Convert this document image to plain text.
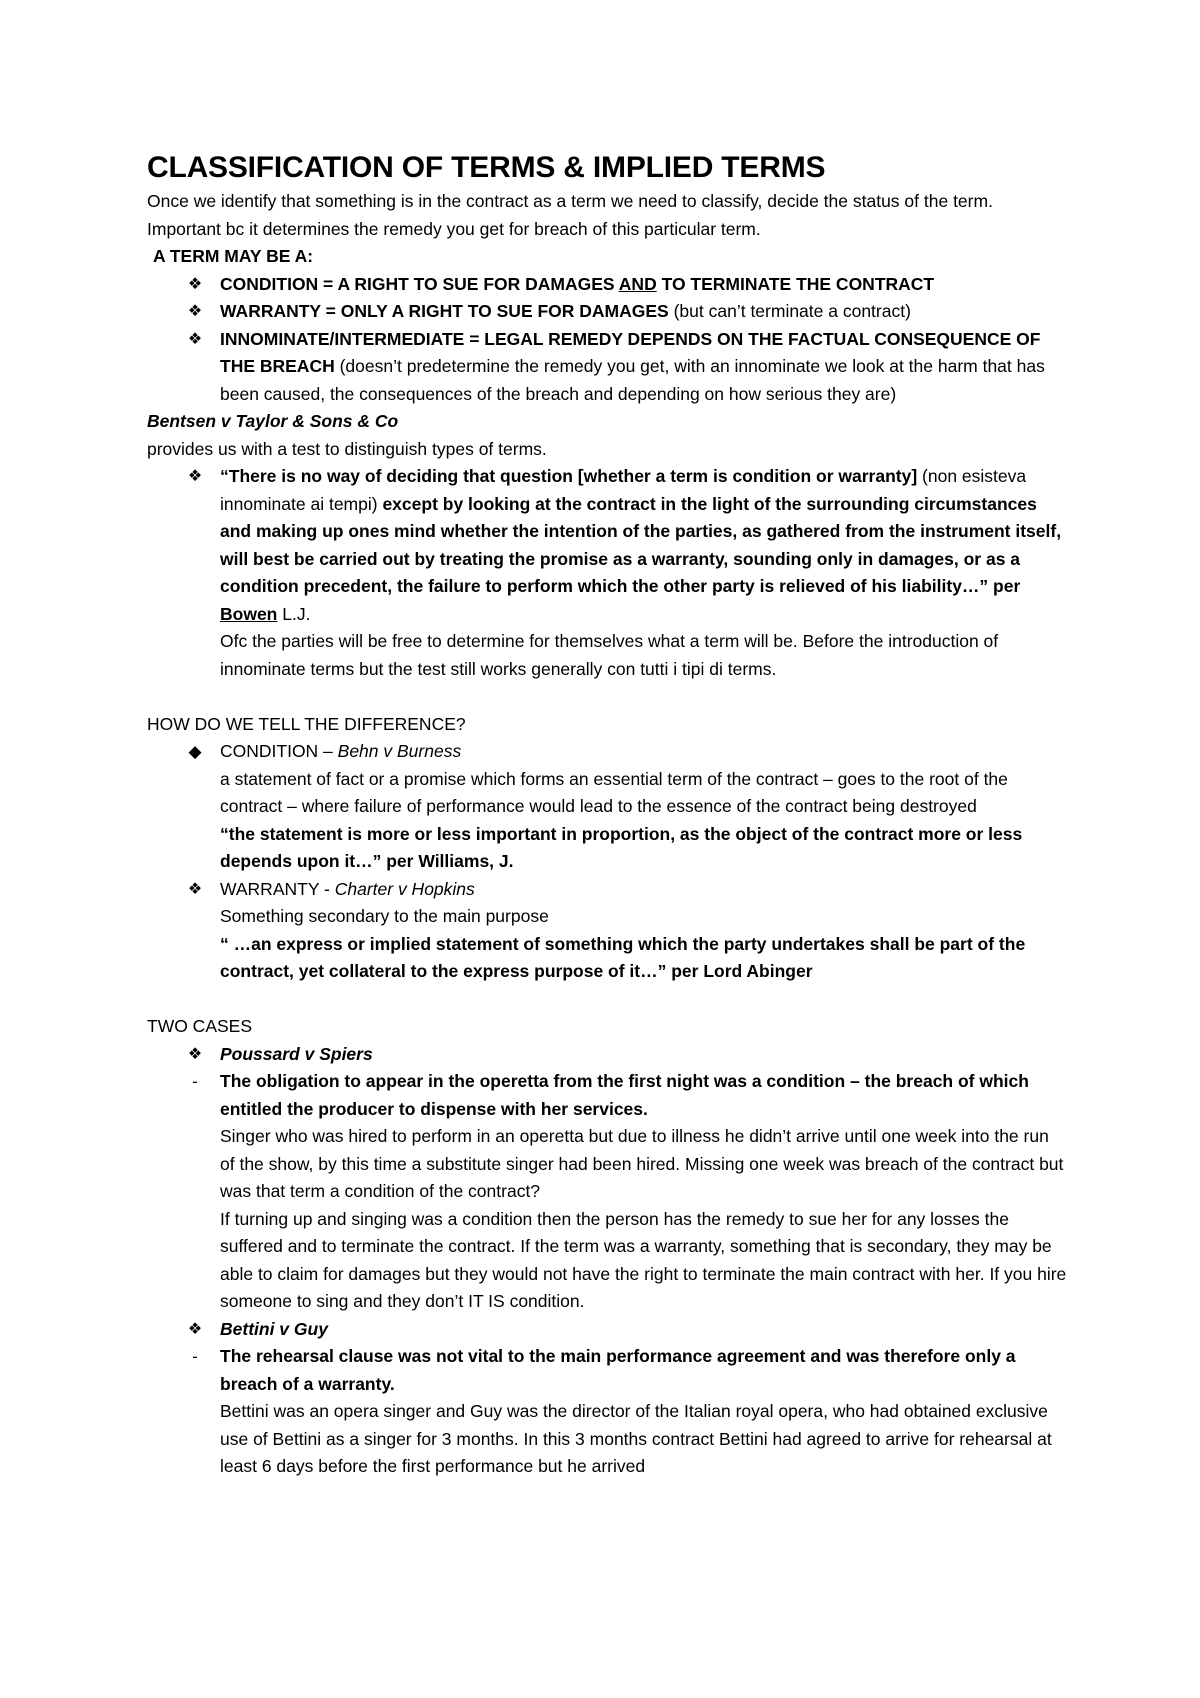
CLASSIFICATION OF TERMS & IMPLIED TERMS

Once we identify that something is in the contract as a term we need to classify, decide the status of the term. Important bc it determines the remedy you get for breach of this particular term.

A TERM MAY BE A:

❖ CONDITION = A RIGHT TO SUE FOR DAMAGES AND TO TERMINATE THE CONTRACT
❖ WARRANTY = ONLY A RIGHT TO SUE FOR DAMAGES (but can’t terminate a contract)
❖ INNOMINATE/INTERMEDIATE = LEGAL REMEDY DEPENDS ON THE FACTUAL CONSEQUENCE OF THE BREACH (doesn’t predetermine the remedy you get, with an innominate we look at the harm that has been caused, the consequences of the breach and depending on how serious they are)

Bentsen v Taylor & Sons & Co

provides us with a test to distinguish types of terms.

❖ “There is no way of deciding that question [whether a term is condition or warranty] (non esisteva innominate ai tempi) except by looking at the contract in the light of the surrounding circumstances and making up ones mind whether the intention of the parties, as gathered from the instrument itself, will best be carried out by treating the promise as a warranty, sounding only in damages, or as a condition precedent, the failure to perform which the other party is relieved of his liability…” per Bowen L.J.
Ofc the parties will be free to determine for themselves what a term will be. Before the introduction of innominate terms but the test still works generally con tutti i tipi di terms.

HOW DO WE TELL THE DIFFERENCE?

◆ CONDITION – Behn v Burness
a statement of fact or a promise which forms an essential term of the contract – goes to the root of the contract – where failure of performance would lead to the essence of the contract being destroyed
“the statement is more or less important in proportion, as the object of the contract more or less depends upon it…” per Williams, J.
❖ WARRANTY - Charter v Hopkins
Something secondary to the main purpose
“ …an express or implied statement of something which the party undertakes shall be part of the contract, yet collateral to the express purpose of it…” per Lord Abinger

TWO CASES

❖ Poussard v Spiers
-	The obligation to appear in the operetta from the first night was a condition – the breach of which entitled the producer to dispense with her services.
Singer who was hired to perform in an operetta but due to illness he didn’t arrive until one week into the run of the show, by this time a substitute singer had been hired. Missing one week was breach of the contract but was that term a condition of the contract?
If turning up and singing was a condition then the person has the remedy to sue her for any losses the suffered and to terminate the contract. If the term was a warranty, something that is secondary, they may be able to claim for damages but they would not have the right to terminate the main contract with her. If you hire someone to sing and they don’t IT IS condition.
❖ Bettini v Guy
-	The rehearsal clause was not vital to the main performance agreement and was therefore only a breach of a warranty.
Bettini was an opera singer and Guy was the director of the Italian royal opera, who had obtained exclusive use of Bettini as a singer for 3 months. In this 3 months contract Bettini had agreed to arrive for rehearsal at least 6 days before the first performance but he arrived
